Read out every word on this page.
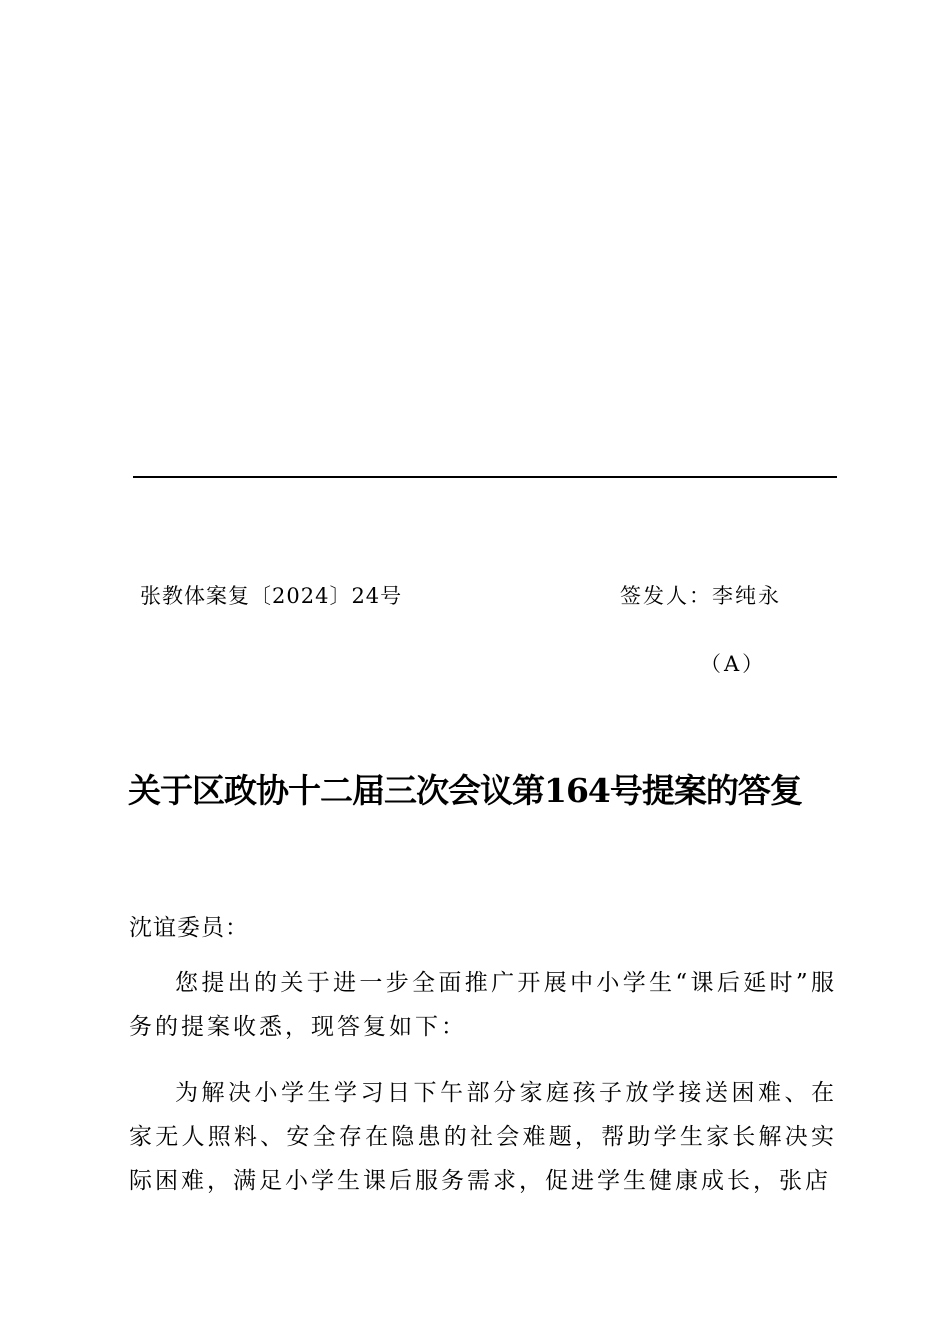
张教体案复〔2024〕24号	签发人：李纯永
（A）
关于区政协十二届三次会议第164号提案的答复
沈谊委员：
您提出的关于进一步全面推广开展中小学生“课后延时”服务的提案收悉，现答复如下：
为解决小学生学习日下午部分家庭孩子放学接送困难、在家无人照料、安全存在隐患的社会难题，帮助学生家长解决实际困难，满足小学生课后服务需求，促进学生健康成长，张店
